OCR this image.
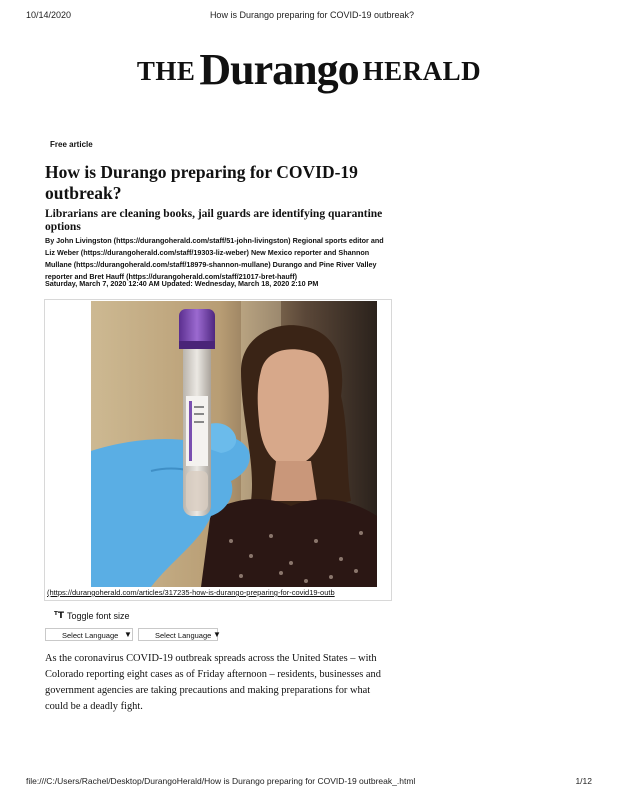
10/14/2020	How is Durango preparing for COVID-19 outbreak?
THE Durango HERALD
Free article
How is Durango preparing for COVID-19 outbreak?
Librarians are cleaning books, jail guards are identifying quarantine options
By John Livingston (https://durangoherald.com/staff/51-john-livingston) Regional sports editor and Liz Weber (https://durangoherald.com/staff/19303-liz-weber) New Mexico reporter and Shannon Mullane (https://durangoherald.com/staff/18979-shannon-mullane) Durango and Pine River Valley reporter and Bret Hauff (https://durangoherald.com/staff/21017-bret-hauff)
Saturday, March 7, 2020 12:40 AM Updated: Wednesday, March 18, 2020 2:10 PM
(https://durangoherald.com/articles/317235-how-is-durango-preparing-for-covid19-outb
ᵀT Toggle font size
Select Language ▼	Select Language ▼

As the coronavirus COVID-19 outbreak spreads across the United States – with Colorado reporting eight cases as of Friday afternoon – residents, businesses and government agencies are taking precautions and making preparations for what could be a deadly fight.

file:///C:/Users/Rachel/Desktop/DurangoHerald/How is Durango preparing for COVID-19 outbreak_.html	1/12
